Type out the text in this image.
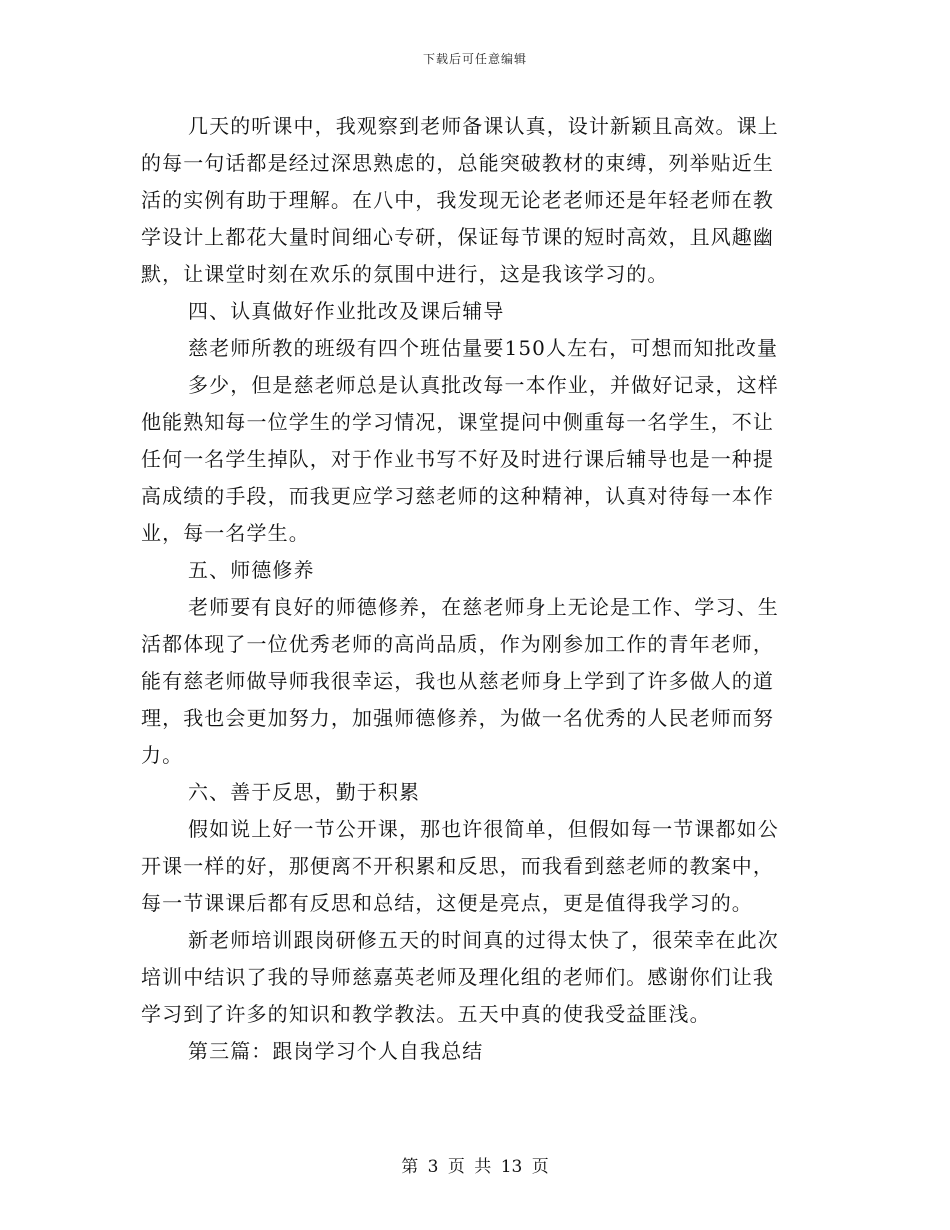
下载后可任意编辑
几天的听课中，我观察到老师备课认真，设计新颖且高效。课上
的每一句话都是经过深思熟虑的，总能突破教材的束缚，列举贴近生
活的实例有助于理解。在八中，我发现无论老老师还是年轻老师在教
学设计上都花大量时间细心专研，保证每节课的短时高效，且风趣幽
默，让课堂时刻在欢乐的氛围中进行，这是我该学习的。
四、认真做好作业批改及课后辅导
慈老师所教的班级有四个班估量要150人左右，可想而知批改量
多少，但是慈老师总是认真批改每一本作业，并做好记录，这样
他能熟知每一位学生的学习情况，课堂提问中侧重每一名学生，不让
任何一名学生掉队，对于作业书写不好及时进行课后辅导也是一种提
高成绩的手段，而我更应学习慈老师的这种精神，认真对待每一本作
业，每一名学生。
五、师德修养
老师要有良好的师德修养，在慈老师身上无论是工作、学习、生
活都体现了一位优秀老师的高尚品质，作为刚参加工作的青年老师，
能有慈老师做导师我很幸运，我也从慈老师身上学到了许多做人的道
理，我也会更加努力，加强师德修养，为做一名优秀的人民老师而努
力。
六、善于反思，勤于积累
假如说上好一节公开课，那也许很简单，但假如每一节课都如公
开课一样的好，那便离不开积累和反思，而我看到慈老师的教案中，
每一节课课后都有反思和总结，这便是亮点，更是值得我学习的。
新老师培训跟岗研修五天的时间真的过得太快了，很荣幸在此次
培训中结识了我的导师慈嘉英老师及理化组的老师们。感谢你们让我
学习到了许多的知识和教学教法。五天中真的使我受益匪浅。
第三篇：跟岗学习个人自我总结
第 3 页 共 13 页
